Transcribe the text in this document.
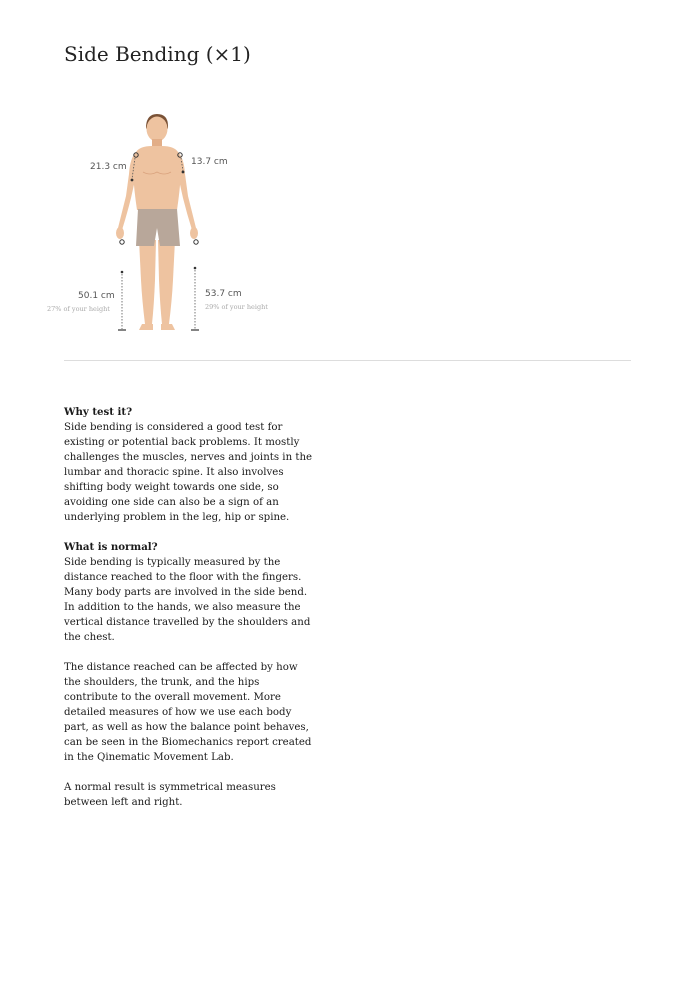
Side Bending (×1)
21.3 cm	13.7 cm
50.1 cm
27% of your height
53.7 cm
29% of your height
Why test it?

Side bending is considered a good test for existing or potential back problems. It mostly challenges the muscles, nerves and joints in the lumbar and thoracic spine. It also involves shifting body weight towards one side, so avoiding one side can also be a sign of an underlying problem in the leg, hip or spine.

What is normal?

Side bending is typically measured by the distance reached to the floor with the fingers. Many body parts are involved in the side bend. In addition to the hands, we also measure the vertical distance travelled by the shoulders and the chest.

The distance reached can be affected by how the shoulders, the trunk, and the hips contribute to the overall movement. More detailed measures of how we use each body part, as well as how the balance point behaves, can be seen in the Biomechanics report created in the Qinematic Movement Lab.

A normal result is symmetrical measures between left and right.
